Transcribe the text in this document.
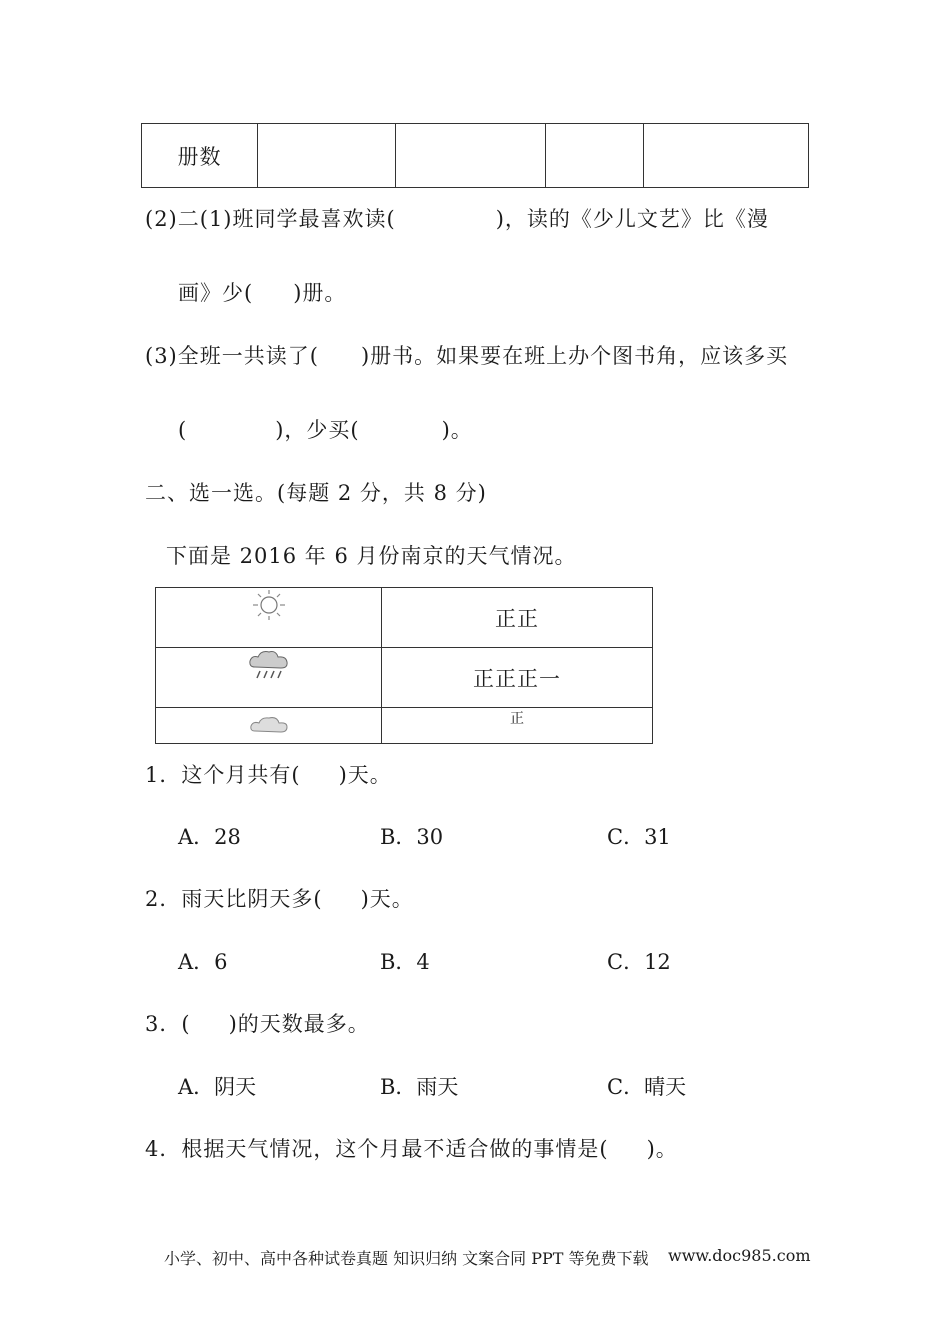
册数				
(2)二(1)班同学最喜欢读(	)，读的《少儿文艺》比《漫
画》少( )册。
(3)全班一共读了( )册书。如果要在班上办个图书角，应该多买
(	)，少买(	)。
二、选一选。(每题 2 分，共 8 分)
下面是 2016 年 6 月份南京的天气情况。
	正正
	正正正一
	正
1．这个月共有( )天。
A．28	B．30	C．31
2．雨天比阴天多( )天。
A．6	B．4	C．12
3．( )的天数最多。
A．阴天	B．雨天	C．晴天
4．根据天气情况，这个月最不适合做的事情是( )。
小学、初中、高中各种试卷真题 知识归纳 文案合同 PPT 等免费下载 www.doc985.com
